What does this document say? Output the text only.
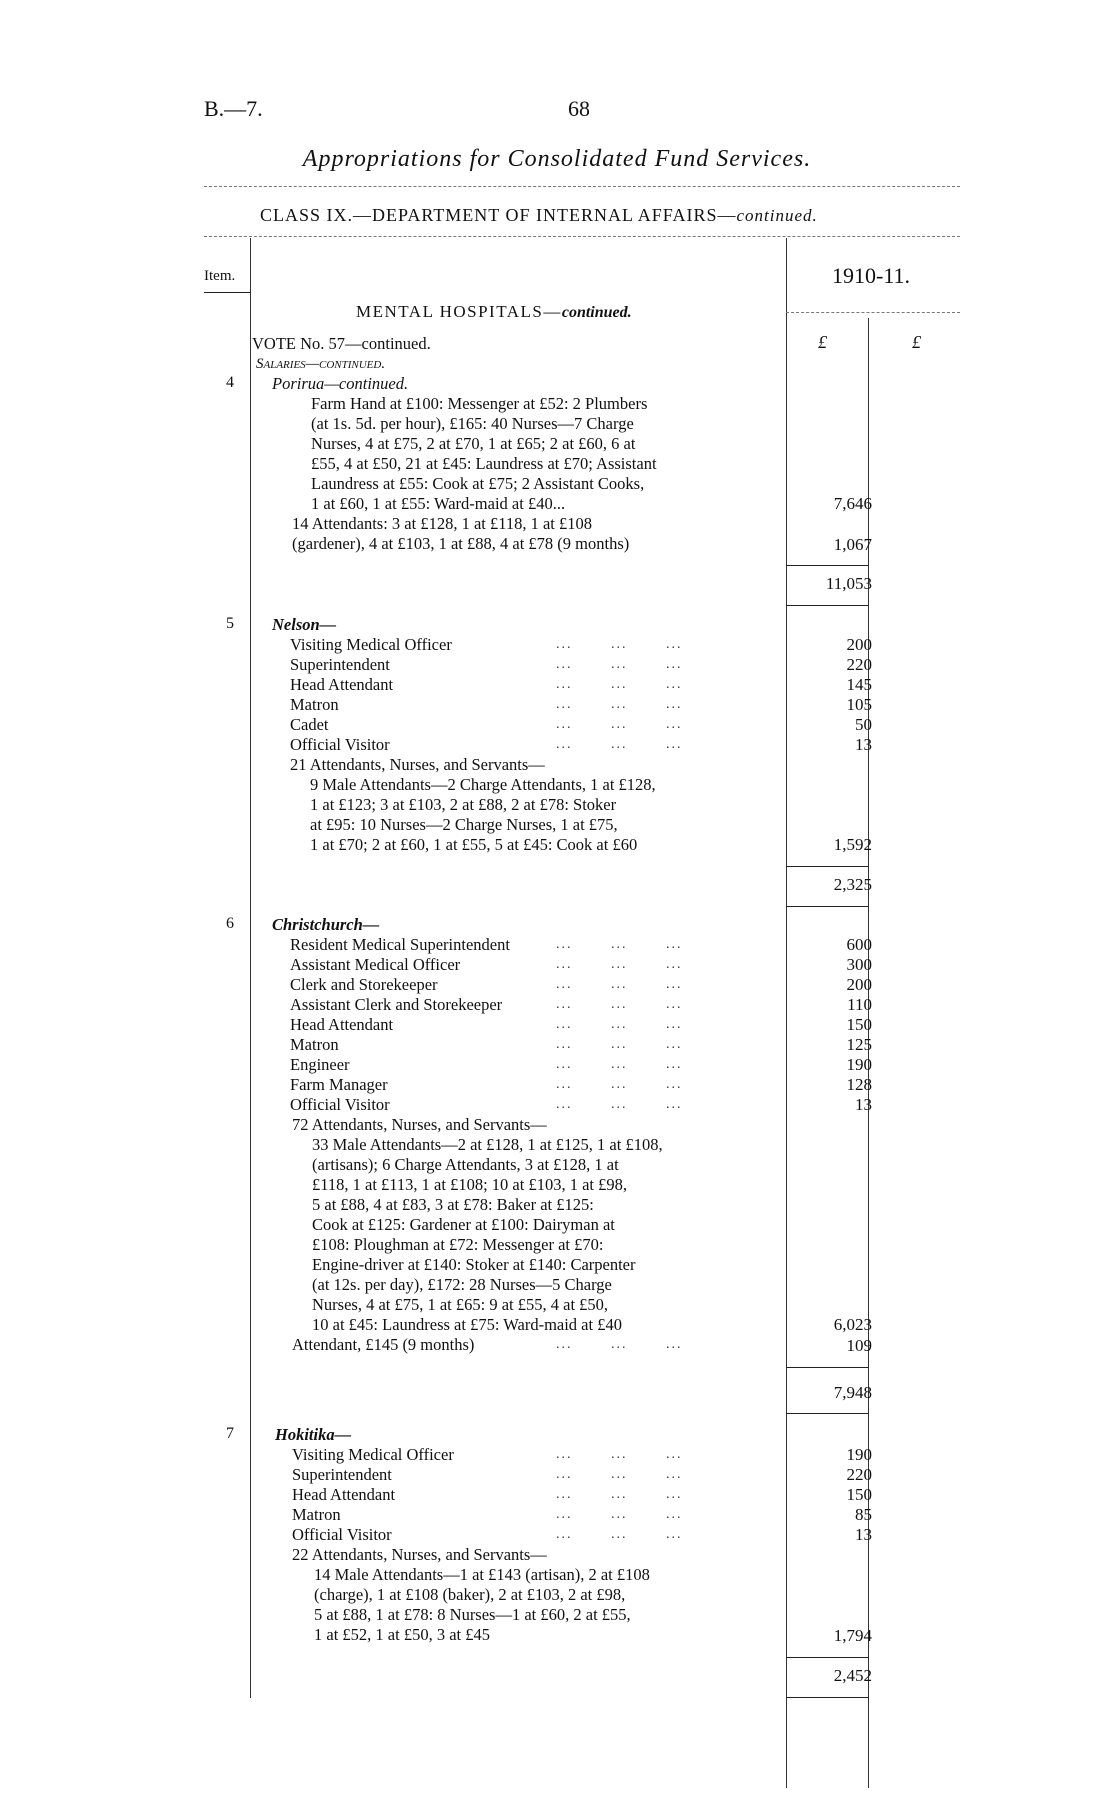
B.—7.	68
Appropriations for Consolidated Fund Services.
CLASS IX.—DEPARTMENT OF INTERNAL AFFAIRS—continued.
Item.	1910-11.
MENTAL HOSPITALS—continued.
£	£
VOTE No. 57—continued.
Salaries—continued.
4 Porirua—continued.
Farm Hand at £100: Messenger at £52: 2 Plumbers
(at 1s. 5d. per hour), £165: 40 Nurses—7 Charge
Nurses, 4 at £75, 2 at £70, 1 at £65; 2 at £60, 6 at
£55, 4 at £50, 21 at £45: Laundress at £70; Assistant
Laundress at £55: Cook at £75; 2 Assistant Cooks,
1 at £60, 1 at £55: Ward-maid at £40...	7,646
14 Attendants: 3 at £128, 1 at £118, 1 at £108
(gardener), 4 at £103, 1 at £88, 4 at £78 (9 months)	1,067
11,053
5 Nelson—
Visiting Medical Officer	...       ...       ...	200
Superintendent	...       ...       ...	220
Head Attendant	...       ...       ...	145
Matron	...       ...       ...	105
Cadet	...       ...       ...	50
Official Visitor	...       ...       ...	13
21 Attendants, Nurses, and Servants—
9 Male Attendants—2 Charge Attendants, 1 at £128,
1 at £123; 3 at £103, 2 at £88, 2 at £78: Stoker
at £95: 10 Nurses—2 Charge Nurses, 1 at £75,
1 at £70; 2 at £60, 1 at £55, 5 at £45: Cook at £60	1,592
2,325
6 Christchurch—
Resident Medical Superintendent	...       ...       ...	600
Assistant Medical Officer	...       ...       ...	300
Clerk and Storekeeper	...       ...       ...	200
Assistant Clerk and Storekeeper	...       ...       ...	110
Head Attendant	...       ...       ...	150
Matron	...       ...       ...	125
Engineer	...       ...       ...	190
Farm Manager	...       ...       ...	128
Official Visitor	...       ...       ...	13
72 Attendants, Nurses, and Servants—
33 Male Attendants—2 at £128, 1 at £125, 1 at £108,
(artisans); 6 Charge Attendants, 3 at £128, 1 at
£118, 1 at £113, 1 at £108; 10 at £103, 1 at £98,
5 at £88, 4 at £83, 3 at £78: Baker at £125:
Cook at £125: Gardener at £100: Dairyman at
£108: Ploughman at £72: Messenger at £70:
Engine-driver at £140: Stoker at £140: Carpenter
(at 12s. per day), £172: 28 Nurses—5 Charge
Nurses, 4 at £75, 1 at £65: 9 at £55, 4 at £50,
10 at £45: Laundress at £75: Ward-maid at £40	6,023
Attendant, £145 (9 months)	...       ...       ...	109
7,948
7 Hokitika—
Visiting Medical Officer	...       ...       ...	190
Superintendent	...       ...       ...	220
Head Attendant	...       ...       ...	150
Matron	...       ...       ...	85
Official Visitor	...       ...       ...	13
22 Attendants, Nurses, and Servants—
14 Male Attendants—1 at £143 (artisan), 2 at £108
(charge), 1 at £108 (baker), 2 at £103, 2 at £98,
5 at £88, 1 at £78: 8 Nurses—1 at £60, 2 at £55,
1 at £52, 1 at £50, 3 at £45	1,794
2,452
